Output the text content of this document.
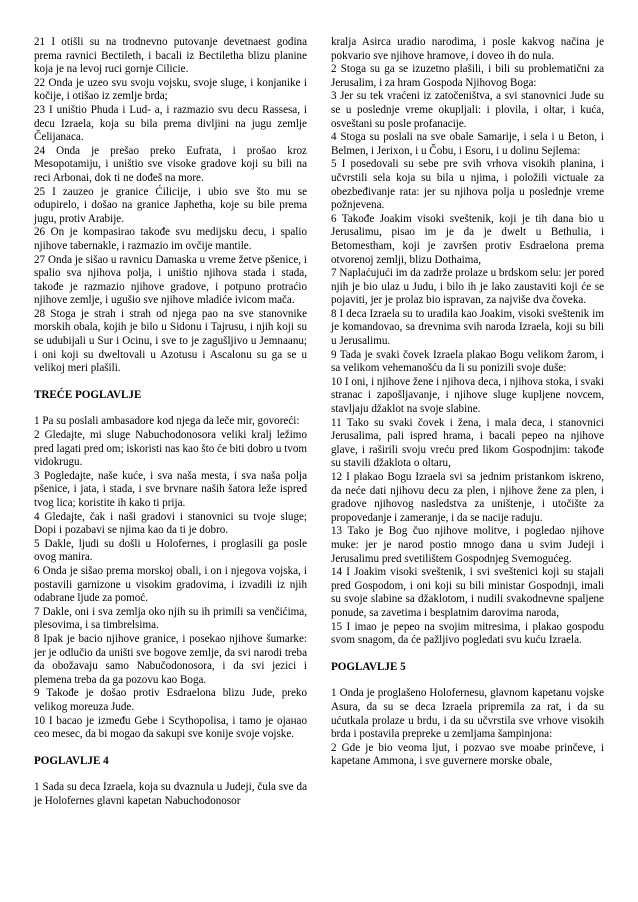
21 I otišli su na trodnevno putovanje devetnaest godina prema ravnici Bectileth, i bacali iz Bectiletha blizu planine koja je na levoj ruci gornje Cilicie.

22 Onda je uzeo svu svoju vojsku, svoje sluge, i konjanike i kočije, i otišao iz zemlje brda;

23 I uništio Phuda i Lud- a, i razmazio svu decu Rassesa, i decu Izraela, koja su bila prema divljini na jugu zemlje Čelijanaca.

24 Onda je prešao preko Eufrata, i prošao kroz Mesopotamiju, i uništio sve visoke gradove koji su bili na reci Arbonai, dok ti ne dođeš na more.

25 I zauzeo je granice Ćilicije, i ubio sve što mu se odupirelo, i došao na granice Japhetha, koje su bile prema jugu, protiv Arabije.

26 On je kompasirao takođe svu medijsku decu, i spalio njihove tabernakle, i razmazio im ovčije mantile.

27 Onda je sišao u ravnicu Damaska u vreme žetve pšenice, i spalio sva njihova polja, i uništio njihova stada i stada, takođe je razmazio njihove gradove, i potpuno protraćio njihove zemlje, i ugušio sve njihove mladiće ivicom mača.

28 Stoga je strah i strah od njega pao na sve stanovnike morskih obala, kojih je bilo u Sidonu i Tajrusu, i njih koji su se udubijali u Sur i Ocinu, i sve to je zagušljivo u Jemnaanu; i oni koji su dweltovali u Azotusu i Ascalonu su ga se u velikoj meri plašili.

TREĆE POGLAVLJE

1 Pa su poslali ambasadore kod njega da leče mir, govoreći:

2 Gledajte, mi sluge Nabuchodonosora veliki kralj ležimo pred lagati pred om; iskoristi nas kao što će biti dobro u tvom vidokrugu.

3 Pogledajte, naše kuće, i sva naša mesta, i sva naša polja pšenice, i jata, i stada, i sve brvnare naših šatora leže ispred tvog lica; koristite ih kako ti prija.

4 Gledajte, čak i naši gradovi i stanovnici su tvoje sluge; Dopi i pozabavi se njima kao da ti je dobro.

5 Dakle, ljudi su došli u Holofernes, i proglasili ga posle ovog manira.

6 Onda je sišao prema morskoj obali, i on i njegova vojska, i postavili garnizone u visokim gradovima, i izvadili iz njih odabrane ljude za pomoć.

7 Dakle, oni i sva zemlja oko njih su ih primili sa venčićima, plesovima, i sa timbrelsima.

8 Ipak je bacio njihove granice, i posekao njihove šumarke: jer je odlučio da uništi sve bogove zemlje, da svi narodi treba da obožavaju samo Nabučodonosora, i da svi jezici i plemena treba da ga pozovu kao Boga.

9 Takođe je došao protiv Esdraelona blizu Jude, preko velikog moreuza Jude.

10 I bacao je između Gebe i Scythopolisa, i tamo je ojaнao ceo mesec, da bi mogao da sakupi sve konije svoje vojske.

POGLAVLJE 4

1 Sada su deca Izraela, koja su dvaznula u Judeji, čula sve da je Holofernes glavni kapetan Nabuchodonosor

kralja Asirca uradio narodima, i posle kakvog načina je pokvario sve njihove hramove, i doveo ih do nula.

2 Stoga su ga se izuzetno plašili, i bili su problematični za Jerusalim, i za hram Gospoda Njihovog Boga:

3 Jer su tek vraćeni iz zatočeništva, a svi stanovnici Jude su se u poslednje vreme okupljali: i plovila, i oltar, i kuća, osveštani su posle profanacije.

4 Stoga su poslali na sve obale Samarije, i sela i u Beton, i Belmen, i Jeriхon, i u Čobu, i Esoru, i u dolinu Sejlema:

5 I posedovali su sebe pre svih vrhova visokih planina, i učvrstili sela koja su bila u njima, i položili victuale za obezbeđivanje rata: jer su njihova polja u poslednje vreme požnjevena.

6 Takođe Joakim visoki sveštenik, koji je tih dana bio u Jerusalimu, pisao im je da je dwelt u Bethulia, i Betomestham, koji je završen protiv Esdraelona prema otvorenoj zemlji, blizu Dothaima,

7 Naplaćujući im da zadrže prolaze u brdskom selu: jer pored njih je bio ulaz u Judu, i bilo ih je lako zaustaviti koji će se pojaviti, jer je prolaz bio ispravan, za najviše dva čoveka.

8 I deca Izraela su to uradila kao Joakim, visoki sveštenik im je komandovao, sa drevnima svih naroda Izraela, koji su bili u Jerusalimu.

9 Tada je svaki čovek Izraela plakao Bogu velikom žarom, i sa velikom vehemanošću da li su ponizili svoje duše:

10 I oni, i njihove žene i njihova deca, i njihova stoka, i svaki stranac i zapošljavanje, i njihove sluge kupljene novcem, stavljaju džaklot na svoje slabine.

11 Tako su svaki čovek i žena, i mala deca, i stanovnici Jerusalima, pali ispred hrama, i bacali pepeo na njihove glave, i raširili svoju vreću pred likom Gospodnjim: takođe su stavili džaklota o oltaru,

12 I plakao Bogu Izraela svi sa jednim pristankom iskreno, da neće dati njihovu decu za plen, i njihove žene za plen, i gradove njihovog nasledstva za uništenje, i utočište za propovedanje i zameranje, i da se nacije raduju.

13 Tako je Bog čuo njihove molitve, i pogledao njihove muke: jer je narod postio mnogo dana u svim Judeji i Jerusalimu pred svetilištem Gospodnjeg Svemogućeg.

14 I Joakim visoki sveštenik, i svi sveštenici koji su stajali pred Gospodom, i oni koji su bili ministar Gospodnji, imali su svoje slabine sa džaklotom, i nudili svakodnevne spaljene ponude, sa zavetima i besplatnim darovima naroda,

15 I imao je pepeo na svojim mitresima, i plakao gospodu svom snagom, da će pažljivo pogledati svu kuću Izraela.

POGLAVLJE 5

1 Onda je proglašeno Holofernesu, glavnom kapetanu vojske Asura, da su se deca Izraela pripremila za rat, i da su ućutkala prolaze u brdu, i da su učvrstila sve vrhove visokih brda i postavila prepreke u zemljama šampinjona:

2 Gde je bio veoma ljut, i pozvao sve moabe prinčeve, i kapetane Ammona, i sve guvernere morske obale,
